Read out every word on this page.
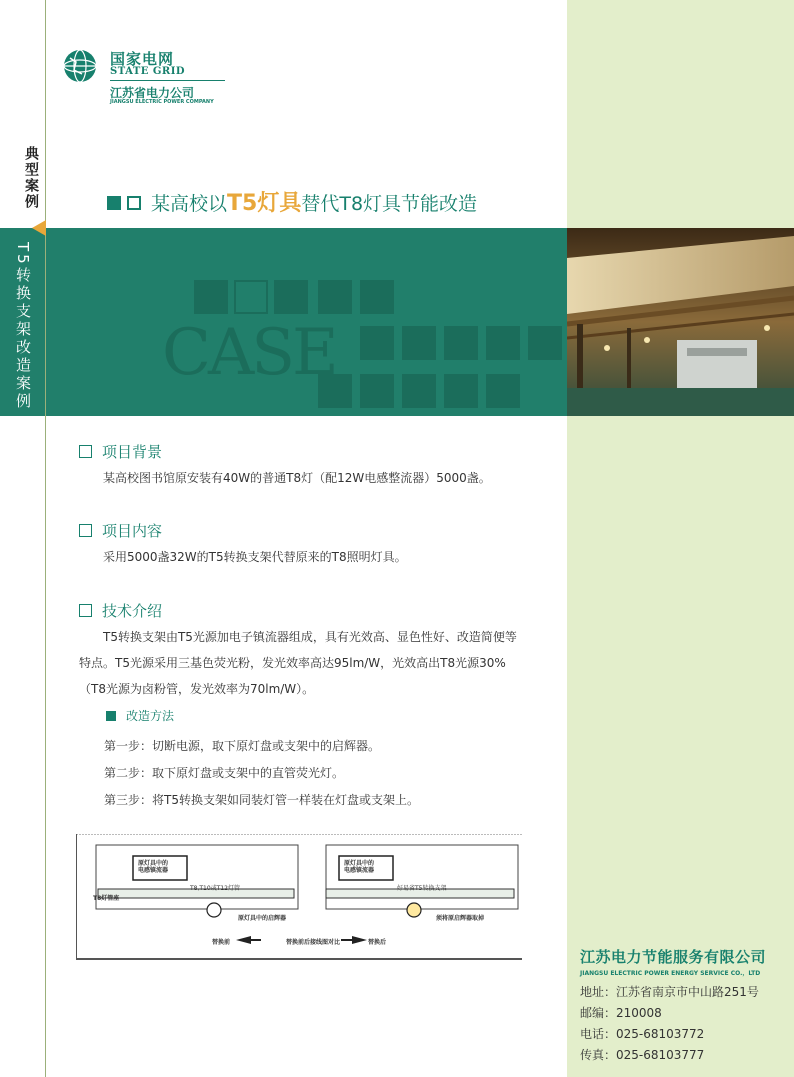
典型案例
T5转换支架改造案例
国家电网
STATE GRID
江苏省电力公司
JIANGSU ELECTRIC POWER COMPANY
某高校以 T5灯具 替代T8灯具节能改造
CASE
项目背景
某高校图书馆原安装有40W的普通T8灯（配12W电感整流器）5000盏。
项目内容
采用5000盏32W的T5转换支架代替原来的T8照明灯具。
技术介绍
T5转换支架由T5光源加电子镇流器组成，具有光效高、显色性好、改造简便等特点。T5光源采用三基色荧光粉，发光效率高达95lm/W，光效高出T8光源30%（T8光源为卤粉管，发光效率为70lm/W）。
改造方法
第一步：切断电源，取下原灯盘或支架中的启辉器。
第二步：取下原灯盘或支架中的直管荧光灯。
第三步：将T5转换支架如同装灯管一样装在灯盘或支架上。
原灯具中的
电感镇流器
T8,T10或T12灯管
T8灯管座
原灯具中的启辉器
原灯具中的
电感镇流器
好易省T5转换支架
须将原启辉器取掉
替换前	替换前后接线图对比	替换后
江苏电力节能服务有限公司
JIANGSU ELECTRIC POWER ENERGY SERVICE CO.，LTD
地址：江苏省南京市中山路251号
邮编：210008
电话：025-68103772
传真：025-68103777
